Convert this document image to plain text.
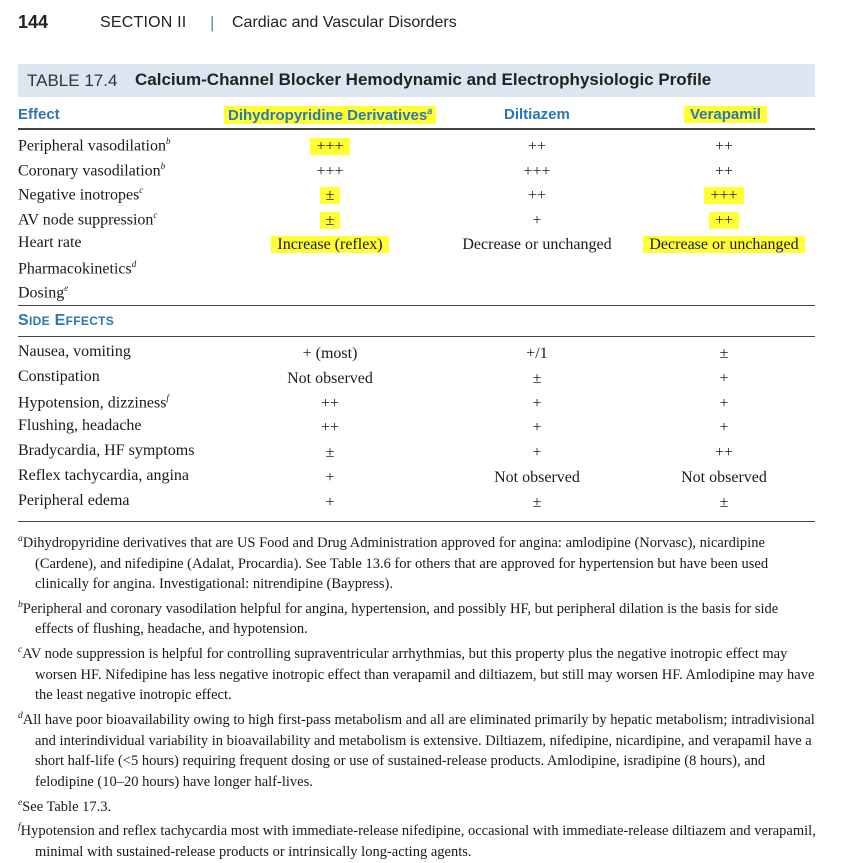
144	SECTION II | Cardiac and Vascular Disorders
TABLE 17.4 Calcium-Channel Blocker Hemodynamic and Electrophysiologic Profile
Effect	Dihydropyridine Derivatives$^a$	Diltiazem	Verapamil
Peripheral vasodilation$^b$	+++	++	++
Coronary vasodilation$^b$	+++	+++	++
Negative inotropes$^c$	±	++	+++
AV node suppression$^c$	±	+	++
Heart rate	Increase (reflex)	Decrease or unchanged	Decrease or unchanged
Pharmacokinetics$^d$
Dosing$^e$
SIDE EFFECTS
Nausea, vomiting	+ (most)	+/1	±
Constipation	Not observed	±	+
Hypotension, dizziness$^f$	++	+	+
Flushing, headache	++	+	+
Bradycardia, HF symptoms	±	+	++
Reflex tachycardia, angina	+	Not observed	Not observed
Peripheral edema	+	±	±
$^a$Dihydropyridine derivatives that are US Food and Drug Administration approved for angina: amlodipine (Norvasc), nicardipine (Cardene), and nifedipine (Adalat, Procardia). See Table 13.6 for others that are approved for hypertension but have been used clinically for angina. Investigational: nitrendipine (Baypress).
$^b$Peripheral and coronary vasodilation helpful for angina, hypertension, and possibly HF, but peripheral dilation is the basis for side effects of flushing, headache, and hypotension.
$^c$AV node suppression is helpful for controlling supraventricular arrhythmias, but this property plus the negative inotropic effect may worsen HF. Nifedipine has less negative inotropic effect than verapamil and diltiazem, but still may worsen HF. Amlodipine may have the least negative inotropic effect.
$^d$All have poor bioavailability owing to high first-pass metabolism and all are eliminated primarily by hepatic metabolism; intradivisional and interindividual variability in bioavailability and metabolism is extensive. Diltiazem, nifedipine, nicardipine, and verapamil have a short half-life (<5 hours) requiring frequent dosing or use of sustained-release products. Amlodipine, isradipine (8 hours), and felodipine (10–20 hours) have longer half-lives.
$^e$See Table 17.3.
$^f$Hypotension and reflex tachycardia most with immediate-release nifedipine, occasional with immediate-release diltiazem and verapamil, minimal with sustained-release products or intrinsically long-acting agents.
